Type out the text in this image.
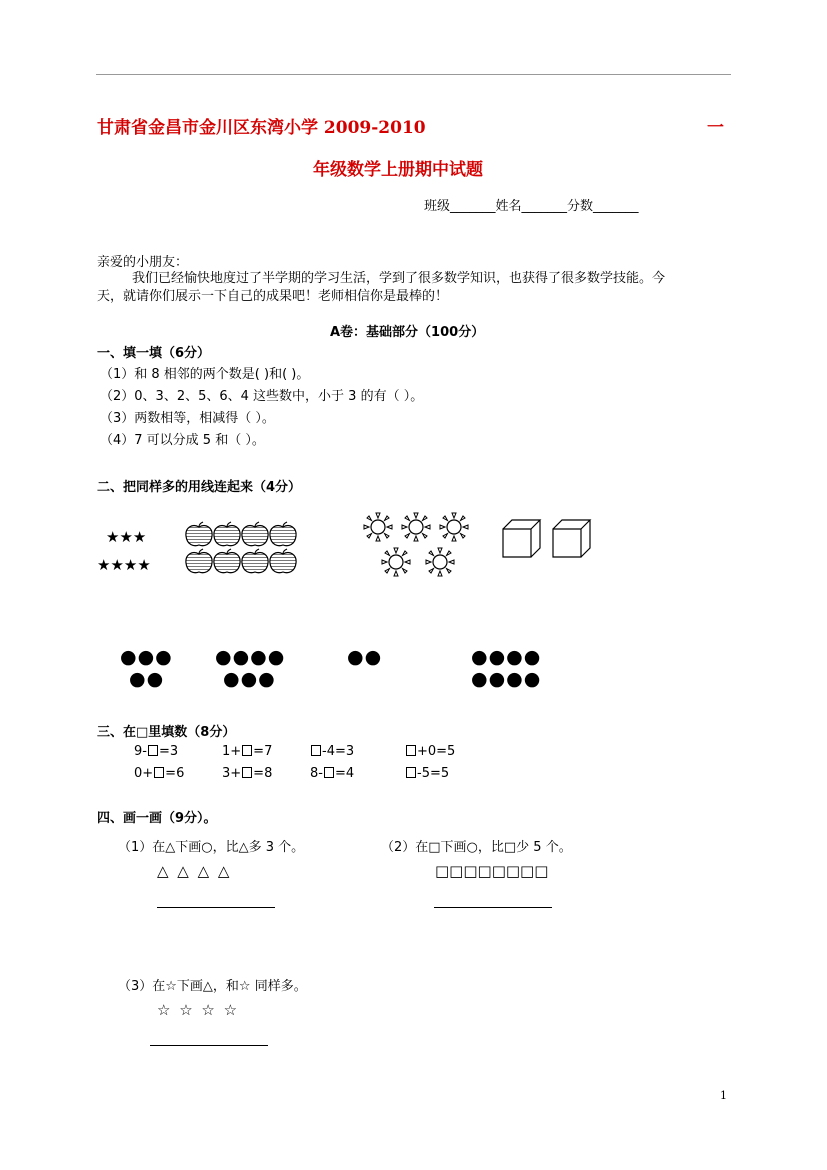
甘肃省金昌市金川区东湾小学 2009-2010	一
年级数学上册期中试题
班级_______姓名_______分数_______
亲爱的小朋友：
我们已经愉快地度过了半学期的学习生活，学到了很多数学知识，也获得了很多数学技能。今
天，就请你们展示一下自己的成果吧！老师相信你是最棒的！
A卷：基础部分（100分）
一、填一填（6分）
（1）和 8 相邻的两个数是( )和( )。
（2）0、3、2、5、6、4 这些数中，小于 3 的有（ ）。
（3）两数相等，相减得（ ）。
（4）7 可以分成 5 和（ ）。
二、把同样多的用线连起来（4分）
★★★
★★★★
●●●
●●
●●●●
●●●
●●	●●●●
●●●●
三、在□里填数（8分）
9- =3	1+ =7	-4=3	+0=5
0+ =6	3+ =8	8- =4	-5=5
四、画一画（9分）。
（1）在△下画○，比△多 3 个。
△ △ △ △
（2）在□下画○，比□少 5 个。
□□□□□□□□
（3）在☆下画△，和☆ 同样多。
☆ ☆ ☆ ☆
1
